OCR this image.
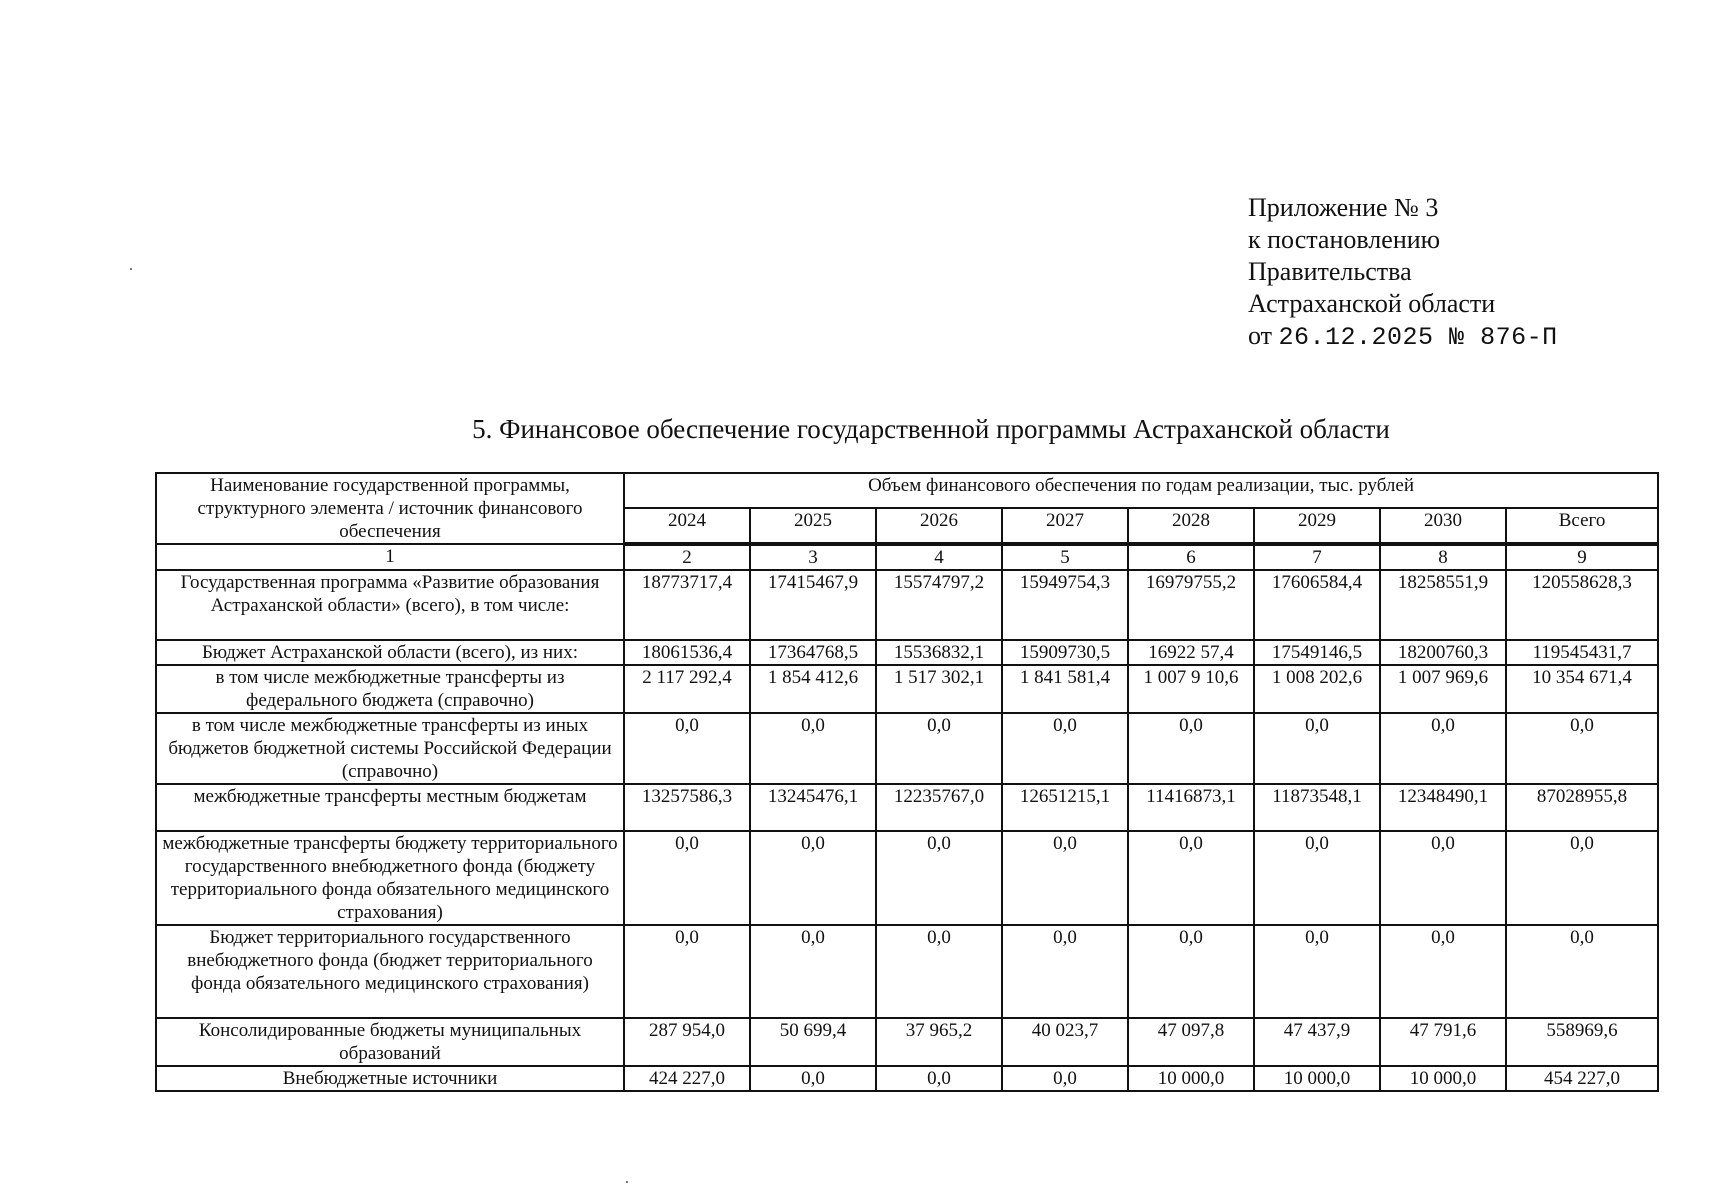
Приложение № 3
к постановлению
Правительства
Астраханской области
от 26.12.2025 № 876-П
5. Финансовое обеспечение государственной программы Астраханской области
Наименование государственной программы, структурного элемента / источник финансового обеспечения	Объем финансового обеспечения по годам реализации, тыс. рублей							
	2024	2025	2026	2027	2028	2029	2030	Всего
1	2	3	4	5	6	7	8	9
Государственная программа «Развитие образования Астраханской области» (всего), в том числе:	18773717,4	17415467,9	15574797,2	15949754,3	16979755,2	17606584,4	18258551,9	120558628,3
Бюджет Астраханской области (всего), из них:	18061536,4	17364768,5	15536832,1	15909730,5	16922 57,4	17549146,5	18200760,3	119545431,7
в том числе межбюджетные трансферты из федерального бюджета (справочно)	2 117 292,4	1 854 412,6	1 517 302,1	1 841 581,4	1 007 9 10,6	1 008 202,6	1 007 969,6	10 354 671,4
в том числе межбюджетные трансферты из иных бюджетов бюджетной системы Российской Федерации (справочно)	0,0	0,0	0,0	0,0	0,0	0,0	0,0	0,0
межбюджетные трансферты местным бюджетам	13257586,3	13245476,1	12235767,0	12651215,1	11416873,1	11873548,1	12348490,1	87028955,8
межбюджетные трансферты бюджету территориального государственного внебюджетного фонда (бюджету территориального фонда обязательного медицинского страхования)	0,0	0,0	0,0	0,0	0,0	0,0	0,0	0,0
Бюджет территориального государственного внебюджетного фонда (бюджет территориального фонда обязательного медицинского страхования)	0,0	0,0	0,0	0,0	0,0	0,0	0,0	0,0
Консолидированные бюджеты муниципальных образований	287 954,0	50 699,4	37 965,2	40 023,7	47 097,8	47 437,9	47 791,6	558969,6
Внебюджетные источники	424 227,0	0,0	0,0	0,0	10 000,0	10 000,0	10 000,0	454 227,0
